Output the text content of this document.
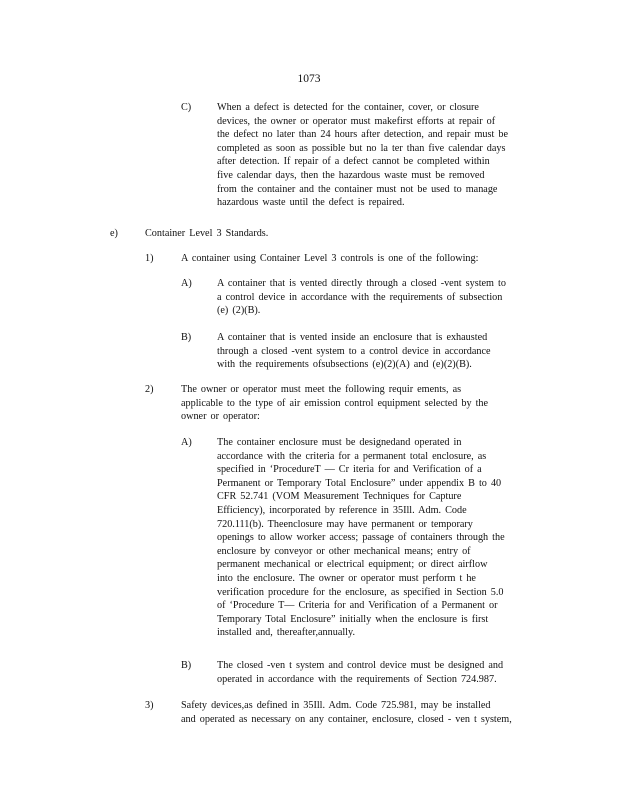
1073
C)	When a defect is detected for the container, cover, or closure
devices, the owner or operator must makefirst efforts at repair of
the defect no later than 24 hours after detection, and repair must be
completed as soon as possible but no la ter than five calendar days
after detection. If repair of a defect cannot be completed within
five calendar days, then the hazardous waste must be removed
from the container and the container must not be used to manage
hazardous waste until the defect is repaired.
e)	Container Level 3 Standards.
1)	A container using Container Level 3 controls is one of the following:
A) A container that is vented directly through a closed -vent system to
a control device in accordance with the requirements of subsection
(e) (2)(B).
B)	A container that is vented inside an enclosure that is exhausted
through a closed -vent system to a control device in accordance
with the requirements ofsubsections (e)(2)(A) and (e)(2)(B).
2)	The owner or operator must meet the following requir ements, as
applicable to the type of air emission control equipment selected by the
owner or operator:
A) The container enclosure must be designedand operated in
accordance with the criteria for a permanent total enclosure, as
specified in ‘ProcedureT — Cr iteria for and Verification of a
Permanent or Temporary Total Enclosure” under appendix B to 40
CFR 52.741 (VOM Measurement Techniques for Capture
Efficiency), incorporated by reference in 35Ill. Adm. Code
720.111(b). Theenclosure may have permanent or temporary
openings to allow worker access; passage of containers through the
enclosure by conveyor or other mechanical means; entry of
permanent mechanical or electrical equipment; or direct airflow
into the enclosure. The owner or operator must perform t he
verification procedure for the enclosure, as specified in Section 5.0
of ‘Procedure T— Criteria for and Verification of a Permanent or
Temporary Total Enclosure” initially when the enclosure is first
installed and, thereafter,annually.
B)	The closed -ven t system and control device must be designed and
operated in accordance with the requirements of Section 724.987.
3)	Safety devices,as defined in 35Ill. Adm. Code 725.981, may be installed
and operated as necessary on any container, enclosure, closed - ven t system,
